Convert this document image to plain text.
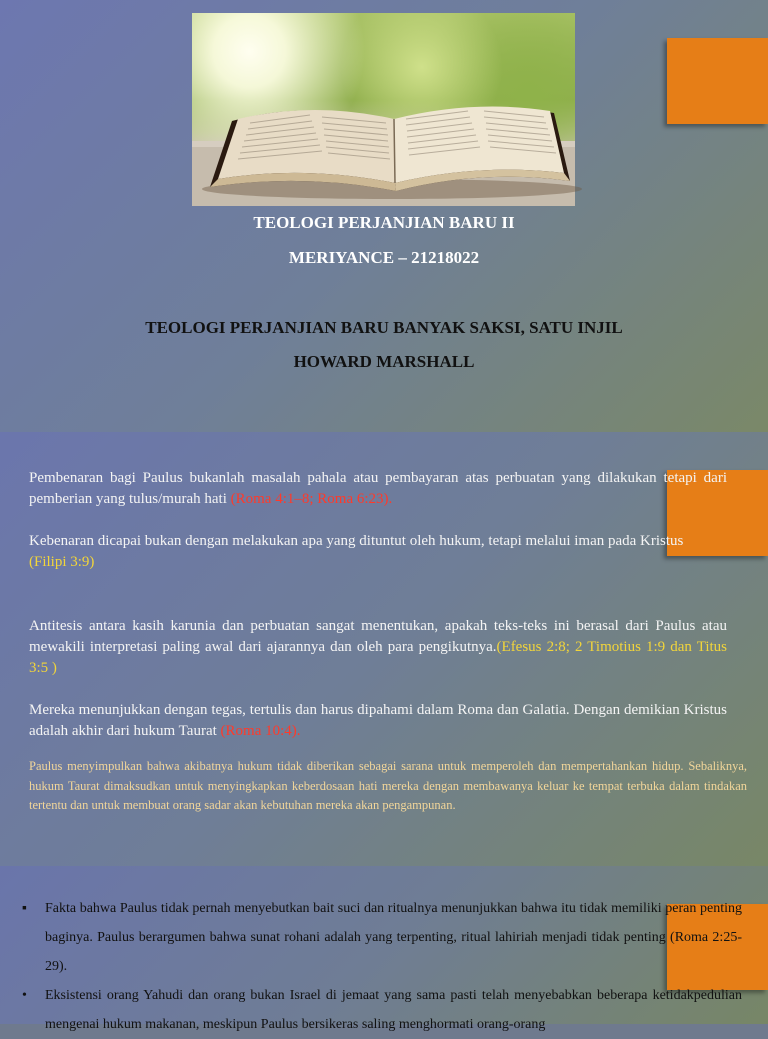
TEOLOGI PERJANJIAN BARU II
MERIYANCE – 21218022
TEOLOGI PERJANJIAN BARU BANYAK SAKSI, SATU INJIL
HOWARD MARSHALL
Pembenaran bagi Paulus bukanlah masalah pahala atau pembayaran atas perbuatan yang dilakukan tetapi dari pemberian yang tulus/murah hati (Roma 4:1–8; Roma 6:23).
Kebenaran dicapai bukan dengan melakukan apa yang dituntut oleh hukum, tetapi melalui iman pada Kristus
(Filipi 3:9)
Antitesis antara kasih karunia dan perbuatan sangat menentukan, apakah teks-teks ini berasal dari Paulus atau mewakili interpretasi paling awal dari ajarannya dan oleh para pengikutnya.(Efesus 2:8; 2 Timotius 1:9 dan Titus 3:5 )
Mereka menunjukkan dengan tegas, tertulis dan harus dipahami dalam Roma dan Galatia. Dengan demikian Kristus adalah akhir dari hukum Taurat (Roma 10:4).
Paulus menyimpulkan bahwa akibatnya hukum tidak diberikan sebagai sarana untuk memperoleh dan mempertahankan hidup. Sebaliknya, hukum Taurat dimaksudkan untuk menyingkapkan keberdosaan hati mereka dengan membawanya keluar ke tempat terbuka dalam tindakan tertentu dan untuk membuat orang sadar akan kebutuhan mereka akan pengampunan.
▪ Fakta bahwa Paulus tidak pernah menyebutkan bait suci dan ritualnya menunjukkan bahwa itu tidak memiliki peran penting baginya. Paulus berargumen bahwa sunat rohani adalah yang terpenting, ritual lahiriah menjadi tidak penting (Roma 2:25-29).
• Eksistensi orang Yahudi dan orang bukan Israel di jemaat yang sama pasti telah menyebabkan beberapa ketidakpedulian mengenai hukum makanan, meskipun Paulus bersikeras saling menghormati orang-orang
